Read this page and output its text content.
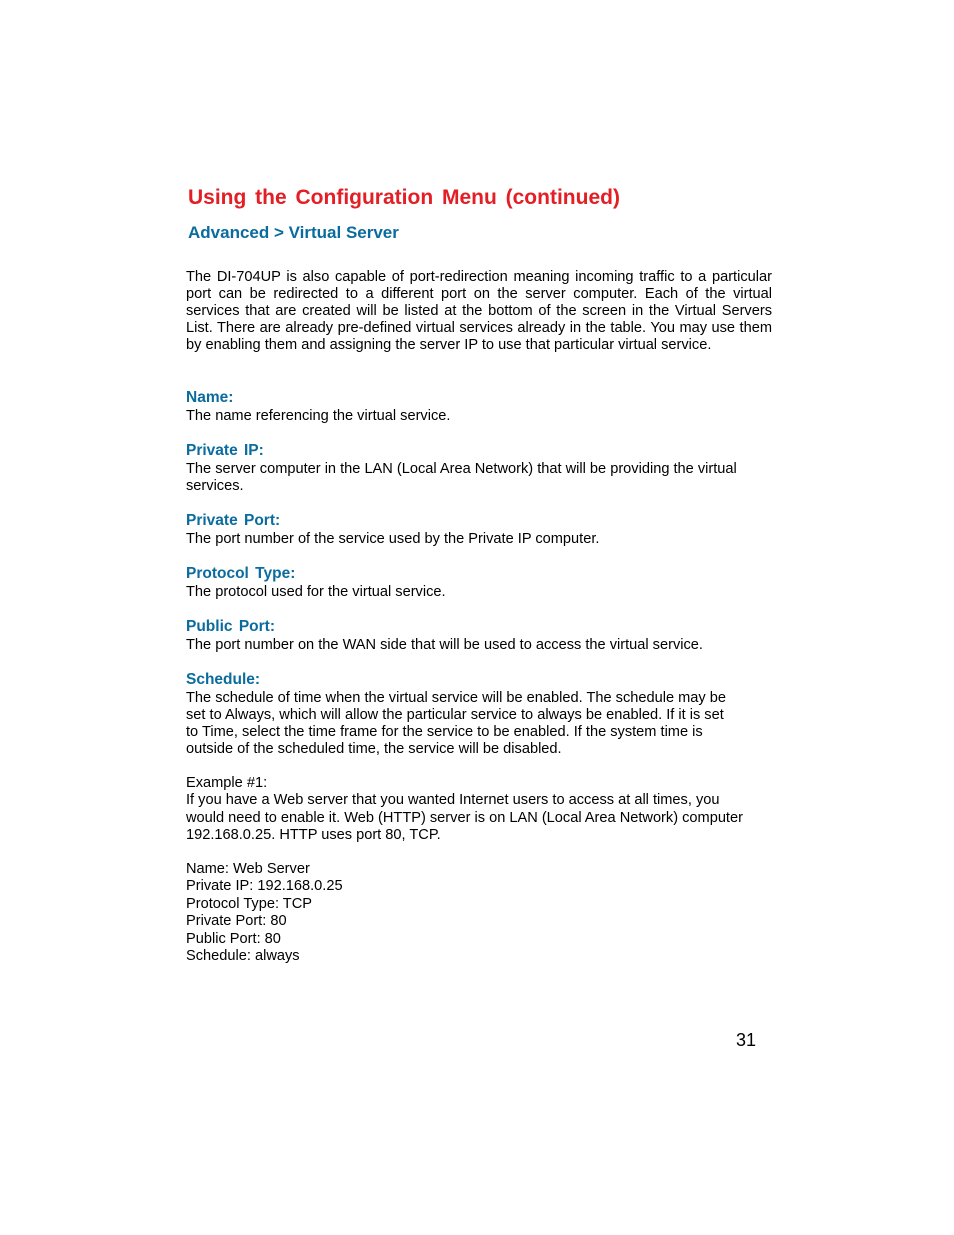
Using the Configuration Menu (continued)
Advanced > Virtual Server

The DI-704UP is also capable of port-redirection meaning incoming traffic to a particular port can be redirected to a different port on the server computer. Each of the virtual services that are created will be listed at the bottom of the screen in the Virtual Servers List. There are already pre-defined virtual services already in the table. You may use them by enabling them and assigning the server IP to use that particular virtual service.

Name:

The name referencing the virtual service.

Private IP:

The server computer in the LAN (Local Area Network) that will be providing the virtual
services.

Private Port:

The port number of the service used by the Private IP computer.

Protocol Type:

The protocol used for the virtual service.

Public Port:

The port number on the WAN side that will be used to access the virtual service.

Schedule:

The schedule of time when the virtual service will be enabled. The schedule may be
set to Always, which will allow the particular service to always be enabled. If it is set
to Time, select the time frame for the service to be enabled. If the system time is
outside of the scheduled time, the service will be disabled.

Example #1:
If you have a Web server that you wanted Internet users to access at all times, you
would need to enable it. Web (HTTP) server is on LAN (Local Area Network) computer
192.168.0.25. HTTP uses port 80, TCP.
Name: Web Server
Private IP: 192.168.0.25
Protocol Type: TCP
Private Port: 80
Public Port: 80
Schedule: always
31
